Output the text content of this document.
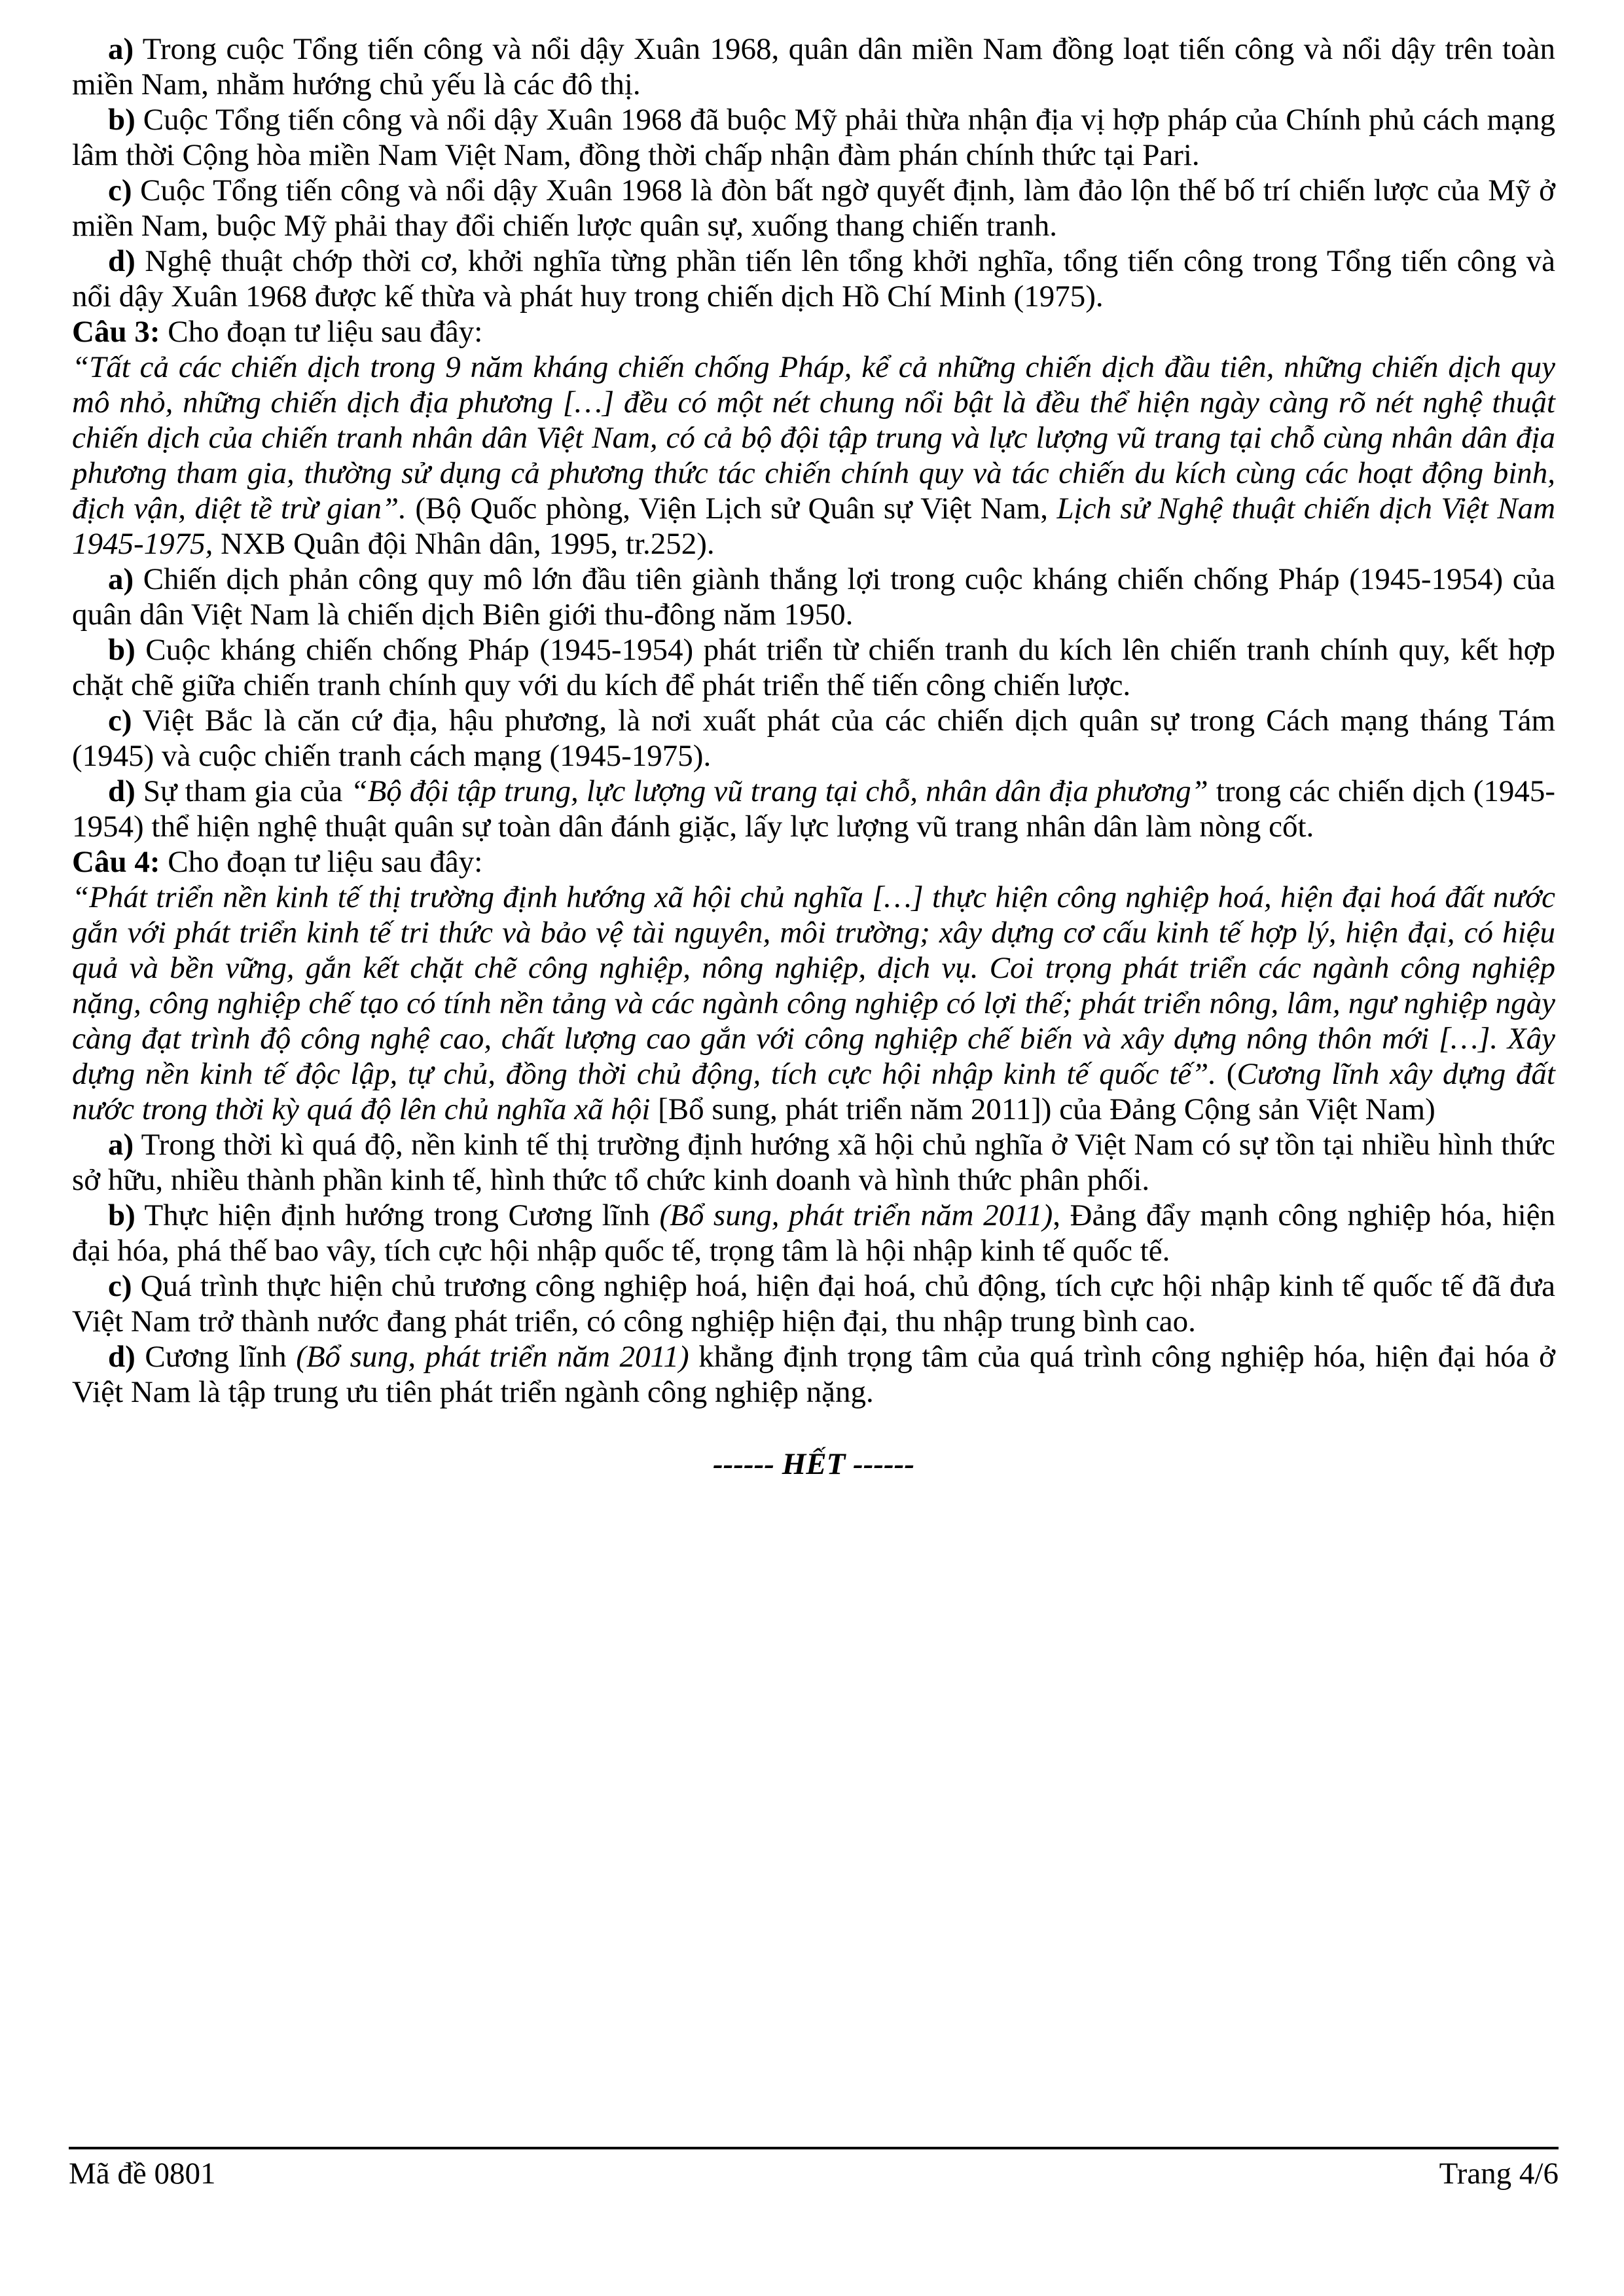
a) Trong cuộc Tổng tiến công và nổi dậy Xuân 1968, quân dân miền Nam đồng loạt tiến công và nổi dậy trên toàn miền Nam, nhằm hướng chủ yếu là các đô thị.

b) Cuộc Tổng tiến công và nổi dậy Xuân 1968 đã buộc Mỹ phải thừa nhận địa vị hợp pháp của Chính phủ cách mạng lâm thời Cộng hòa miền Nam Việt Nam, đồng thời chấp nhận đàm phán chính thức tại Pari.

c) Cuộc Tổng tiến công và nổi dậy Xuân 1968 là đòn bất ngờ quyết định, làm đảo lộn thế bố trí chiến lược của Mỹ ở miền Nam, buộc Mỹ phải thay đổi chiến lược quân sự, xuống thang chiến tranh.

d) Nghệ thuật chớp thời cơ, khởi nghĩa từng phần tiến lên tổng khởi nghĩa, tổng tiến công trong Tổng tiến công và nổi dậy Xuân 1968 được kế thừa và phát huy trong chiến dịch Hồ Chí Minh (1975).

Câu 3: Cho đoạn tư liệu sau đây:

“Tất cả các chiến dịch trong 9 năm kháng chiến chống Pháp, kể cả những chiến dịch đầu tiên, những chiến dịch quy mô nhỏ, những chiến dịch địa phương […] đều có một nét chung nổi bật là đều thể hiện ngày càng rõ nét nghệ thuật chiến dịch của chiến tranh nhân dân Việt Nam, có cả bộ đội tập trung và lực lượng vũ trang tại chỗ cùng nhân dân địa phương tham gia, thường sử dụng cả phương thức tác chiến chính quy và tác chiến du kích cùng các hoạt động binh, địch vận, diệt tề trừ gian”. (Bộ Quốc phòng, Viện Lịch sử Quân sự Việt Nam, Lịch sử Nghệ thuật chiến dịch Việt Nam 1945-1975, NXB Quân đội Nhân dân, 1995, tr.252).

a) Chiến dịch phản công quy mô lớn đầu tiên giành thắng lợi trong cuộc kháng chiến chống Pháp (1945-1954) của quân dân Việt Nam là chiến dịch Biên giới thu-đông năm 1950.

b) Cuộc kháng chiến chống Pháp (1945-1954) phát triển từ chiến tranh du kích lên chiến tranh chính quy, kết hợp chặt chẽ giữa chiến tranh chính quy với du kích để phát triển thế tiến công chiến lược.

c) Việt Bắc là căn cứ địa, hậu phương, là nơi xuất phát của các chiến dịch quân sự trong Cách mạng tháng Tám (1945) và cuộc chiến tranh cách mạng (1945-1975).

d) Sự tham gia của “Bộ đội tập trung, lực lượng vũ trang tại chỗ, nhân dân địa phương” trong các chiến dịch (1945-1954) thể hiện nghệ thuật quân sự toàn dân đánh giặc, lấy lực lượng vũ trang nhân dân làm nòng cốt.

Câu 4: Cho đoạn tư liệu sau đây:

“Phát triển nền kinh tế thị trường định hướng xã hội chủ nghĩa […] thực hiện công nghiệp hoá, hiện đại hoá đất nước gắn với phát triển kinh tế tri thức và bảo vệ tài nguyên, môi trường; xây dựng cơ cấu kinh tế hợp lý, hiện đại, có hiệu quả và bền vững, gắn kết chặt chẽ công nghiệp, nông nghiệp, dịch vụ. Coi trọng phát triển các ngành công nghiệp nặng, công nghiệp chế tạo có tính nền tảng và các ngành công nghiệp có lợi thế; phát triển nông, lâm, ngư nghiệp ngày càng đạt trình độ công nghệ cao, chất lượng cao gắn với công nghiệp chế biến và xây dựng nông thôn mới […]. Xây dựng nền kinh tế độc lập, tự chủ, đồng thời chủ động, tích cực hội nhập kinh tế quốc tế”. (Cương lĩnh xây dựng đất nước trong thời kỳ quá độ lên chủ nghĩa xã hội [Bổ sung, phát triển năm 2011]) của Đảng Cộng sản Việt Nam)

a) Trong thời kì quá độ, nền kinh tế thị trường định hướng xã hội chủ nghĩa ở Việt Nam có sự tồn tại nhiều hình thức sở hữu, nhiều thành phần kinh tế, hình thức tổ chức kinh doanh và hình thức phân phối.

b) Thực hiện định hướng trong Cương lĩnh (Bổ sung, phát triển năm 2011), Đảng đẩy mạnh công nghiệp hóa, hiện đại hóa, phá thế bao vây, tích cực hội nhập quốc tế, trọng tâm là hội nhập kinh tế quốc tế.

c) Quá trình thực hiện chủ trương công nghiệp hoá, hiện đại hoá, chủ động, tích cực hội nhập kinh tế quốc tế đã đưa Việt Nam trở thành nước đang phát triển, có công nghiệp hiện đại, thu nhập trung bình cao.

d) Cương lĩnh (Bổ sung, phát triển năm 2011) khẳng định trọng tâm của quá trình công nghiệp hóa, hiện đại hóa ở Việt Nam là tập trung ưu tiên phát triển ngành công nghiệp nặng.

------ HẾT ------

Mã đề 0801	Trang 4/6
